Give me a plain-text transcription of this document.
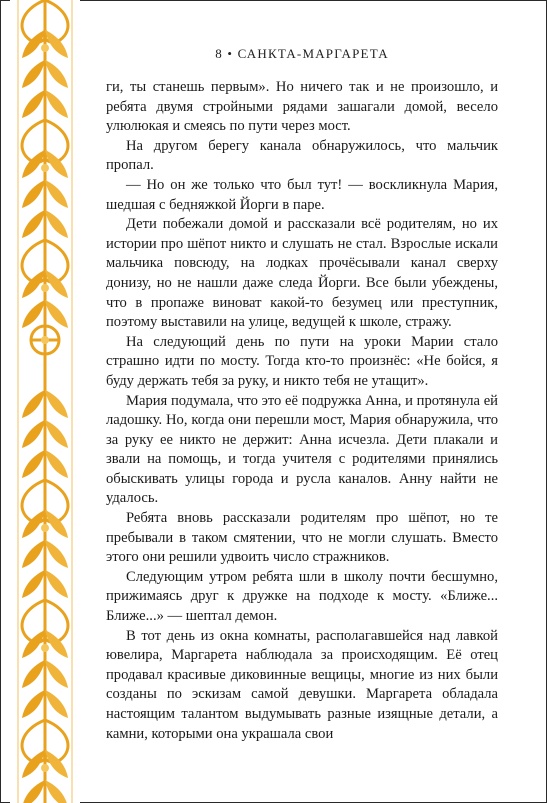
8 • САНКТА-МАРГАРЕТА

ги, ты станешь первым». Но ничего так и не произошло, и ребята двумя стройными рядами зашагали домой, весело улюлюкая и смеясь по пути через мост.

На другом берегу канала обнаружилось, что мальчик пропал.

— Но он же только что был тут! — воскликнула Мария, шедшая с бедняжкой Йорги в паре.

Дети побежали домой и рассказали всё родителям, но их истории про шёпот никто и слушать не стал. Взрослые искали мальчика повсюду, на лодках прочёсывали канал сверху донизу, но не нашли даже следа Йорги. Все были убеждены, что в пропаже виноват какой-то безумец или преступник, поэтому выставили на улице, ведущей к школе, стражу.

На следующий день по пути на уроки Марии стало страшно идти по мосту. Тогда кто-то произнёс: «Не бойся, я буду держать тебя за руку, и никто тебя не утащит».

Мария подумала, что это её подружка Анна, и протянула ей ладошку. Но, когда они перешли мост, Мария обнаружила, что за руку ее никто не держит: Анна исчезла. Дети плакали и звали на помощь, и тогда учителя с родителями принялись обыскивать улицы города и русла каналов. Анну найти не удалось.

Ребята вновь рассказали родителям про шёпот, но те пребывали в таком смятении, что не могли слушать. Вместо этого они решили удвоить число стражников.

Следующим утром ребята шли в школу почти бесшумно, прижимаясь друг к дружке на подходе к мосту. «Ближе... Ближе...» — шептал демон.

В тот день из окна комнаты, располагавшейся над лавкой ювелира, Маргарета наблюдала за происходящим. Её отец продавал красивые диковинные вещицы, многие из них были созданы по эскизам самой девушки. Маргарета обладала настоящим талантом выдумывать разные изящные детали, а камни, которыми она украшала свои
